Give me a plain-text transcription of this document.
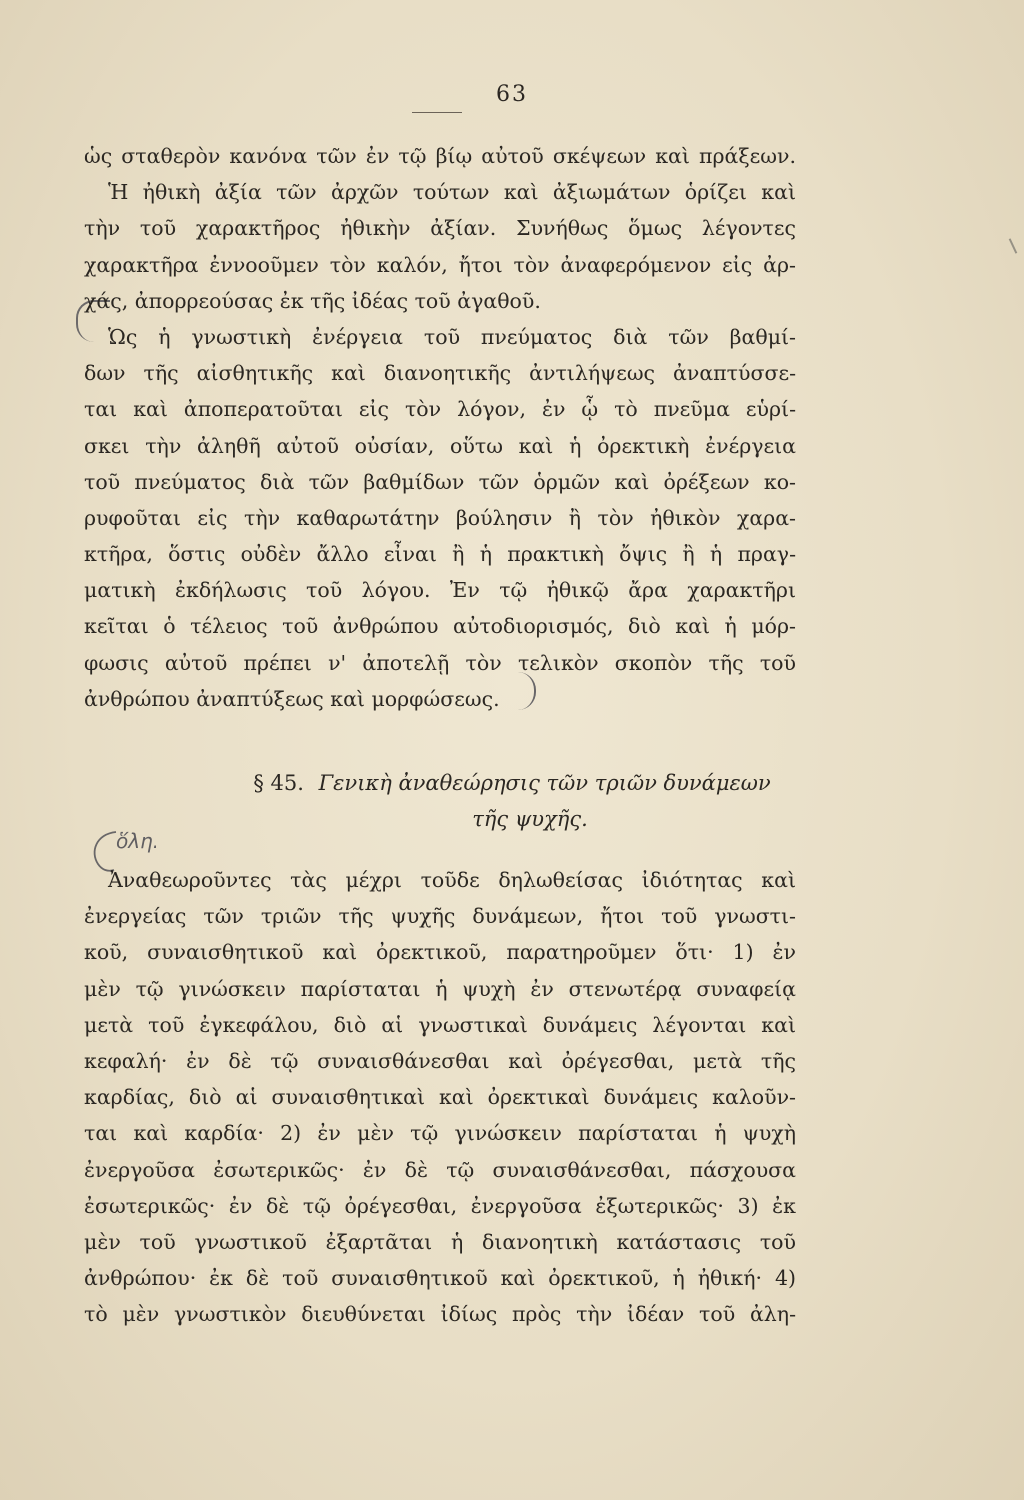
63
ὡς σταθερὸν κανόνα τῶν ἐν τῷ βίῳ αὐτοῦ σκέψεων καὶ πράξεων.
Ἡ ἠθικὴ ἀξία τῶν ἀρχῶν τούτων καὶ ἀξιωμάτων ὁρίζει καὶ
τὴν τοῦ χαρακτῆρος ἠθικὴν ἀξίαν. Συνήθως ὅμως λέγοντες
χαρακτῆρα ἐννοοῦμεν τὸν καλόν, ἤτοι τὸν ἀναφερόμενον εἰς ἀρ-
χάς, ἀπορρεούσας ἐκ τῆς ἰδέας τοῦ ἀγαθοῦ.
Ὡς ἡ γνωστικὴ ἐνέργεια τοῦ πνεύματος διὰ τῶν βαθμί-
δων τῆς αἰσθητικῆς καὶ διανοητικῆς ἀντιλήψεως ἀναπτύσσε-
ται καὶ ἀποπερατοῦται εἰς τὸν λόγον, ἐν ᾧ τὸ πνεῦμα εὑρί-
σκει τὴν ἀληθῆ αὐτοῦ οὐσίαν, οὕτω καὶ ἡ ὀρεκτικὴ ἐνέργεια
τοῦ πνεύματος διὰ τῶν βαθμίδων τῶν ὁρμῶν καὶ ὀρέξεων κο-
ρυφοῦται εἰς τὴν καθαρωτάτην βούλησιν ἢ τὸν ἠθικὸν χαρα-
κτῆρα, ὅστις οὐδὲν ἄλλο εἶναι ἢ ἡ πρακτικὴ ὄψις ἢ ἡ πραγ-
ματικὴ ἐκδήλωσις τοῦ λόγου. Ἐν τῷ ἠθικῷ ἄρα χαρακτῆρι
κεῖται ὁ τέλειος τοῦ ἀνθρώπου αὐτοδιορισμός, διὸ καὶ ἡ μόρ-
φωσις αὐτοῦ πρέπει ν' ἀποτελῇ τὸν τελικὸν σκοπὸν τῆς τοῦ
ἀνθρώπου ἀναπτύξεως καὶ μορφώσεως.
§ 45. Γενικὴ ἀναθεώρησις τῶν τριῶν δυνάμεων
τῆς ψυχῆς.
ὅλη.
Ἀναθεωροῦντες τὰς μέχρι τοῦδε δηλωθείσας ἰδιότητας καὶ
ἐνεργείας τῶν τριῶν τῆς ψυχῆς δυνάμεων, ἤτοι τοῦ γνωστι-
κοῦ, συναισθητικοῦ καὶ ὀρεκτικοῦ, παρατηροῦμεν ὅτι· 1) ἐν
μὲν τῷ γινώσκειν παρίσταται ἡ ψυχὴ ἐν στενωτέρᾳ συναφείᾳ
μετὰ τοῦ ἐγκεφάλου, διὸ αἱ γνωστικαὶ δυνάμεις λέγονται καὶ
κεφαλή· ἐν δὲ τῷ συναισθάνεσθαι καὶ ὀρέγεσθαι, μετὰ τῆς
καρδίας, διὸ αἱ συναισθητικαὶ καὶ ὀρεκτικαὶ δυνάμεις καλοῦν-
ται καὶ καρδία· 2) ἐν μὲν τῷ γινώσκειν παρίσταται ἡ ψυχὴ
ἐνεργοῦσα ἐσωτερικῶς· ἐν δὲ τῷ συναισθάνεσθαι, πάσχουσα
ἐσωτερικῶς· ἐν δὲ τῷ ὀρέγεσθαι, ἐνεργοῦσα ἐξωτερικῶς· 3) ἐκ
μὲν τοῦ γνωστικοῦ ἐξαρτᾶται ἡ διανοητικὴ κατάστασις τοῦ
ἀνθρώπου· ἐκ δὲ τοῦ συναισθητικοῦ καὶ ὀρεκτικοῦ, ἡ ἠθική· 4)
τὸ μὲν γνωστικὸν διευθύνεται ἰδίως πρὸς τὴν ἰδέαν τοῦ ἀλη-
